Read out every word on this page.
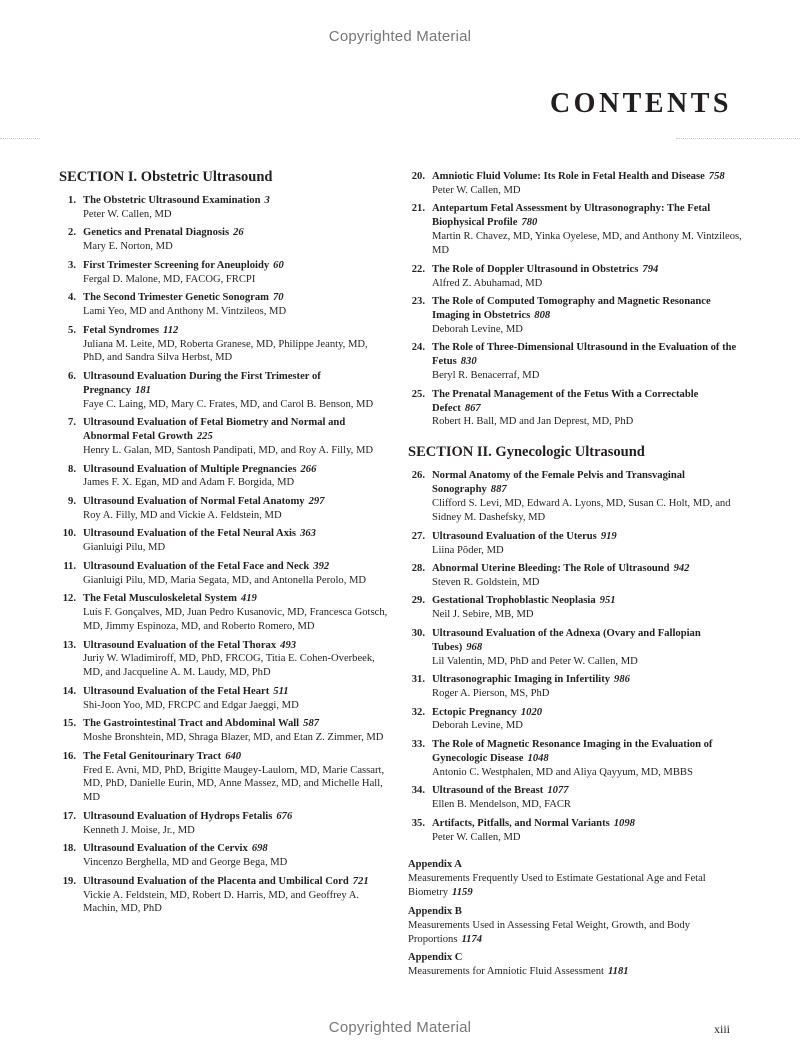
Copyrighted Material
CONTENTS
SECTION I. Obstetric Ultrasound
1. The Obstetric Ultrasound Examination 3
Peter W. Callen, MD
2. Genetics and Prenatal Diagnosis 26
Mary E. Norton, MD
3. First Trimester Screening for Aneuploidy 60
Fergal D. Malone, MD, FACOG, FRCPI
4. The Second Trimester Genetic Sonogram 70
Lami Yeo, MD and Anthony M. Vintzileos, MD
5. Fetal Syndromes 112
Juliana M. Leite, MD, Roberta Granese, MD, Philippe Jeanty, MD, PhD, and Sandra Silva Herbst, MD
6. Ultrasound Evaluation During the First Trimester of Pregnancy 181
Faye C. Laing, MD, Mary C. Frates, MD, and Carol B. Benson, MD
7. Ultrasound Evaluation of Fetal Biometry and Normal and Abnormal Fetal Growth 225
Henry L. Galan, MD, Santosh Pandipati, MD, and Roy A. Filly, MD
8. Ultrasound Evaluation of Multiple Pregnancies 266
James F. X. Egan, MD and Adam F. Borgida, MD
9. Ultrasound Evaluation of Normal Fetal Anatomy 297
Roy A. Filly, MD and Vickie A. Feldstein, MD
10. Ultrasound Evaluation of the Fetal Neural Axis 363
Gianluigi Pilu, MD
11. Ultrasound Evaluation of the Fetal Face and Neck 392
Gianluigi Pilu, MD, Maria Segata, MD, and Antonella Perolo, MD
12. The Fetal Musculoskeletal System 419
Luís F. Gonçalves, MD, Juan Pedro Kusanovic, MD, Francesca Gotsch, MD, Jimmy Espinoza, MD, and Roberto Romero, MD
13. Ultrasound Evaluation of the Fetal Thorax 493
Juriy W. Wladimiroff, MD, PhD, FRCOG, Titia E. Cohen-Overbeek, MD, and Jacqueline A. M. Laudy, MD, PhD
14. Ultrasound Evaluation of the Fetal Heart 511
Shi-Joon Yoo, MD, FRCPC and Edgar Jaeggi, MD
15. The Gastrointestinal Tract and Abdominal Wall 587
Moshe Bronshtein, MD, Shraga Blazer, MD, and Etan Z. Zimmer, MD
16. The Fetal Genitourinary Tract 640
Fred E. Avni, MD, PhD, Brigitte Maugey-Laulom, MD, Marie Cassart, MD, PhD, Danielle Eurin, MD, Anne Massez, MD, and Michelle Hall, MD
17. Ultrasound Evaluation of Hydrops Fetalis 676
Kenneth J. Moise, Jr., MD
18. Ultrasound Evaluation of the Cervix 698
Vincenzo Berghella, MD and George Bega, MD
19. Ultrasound Evaluation of the Placenta and Umbilical Cord 721
Vickie A. Feldstein, MD, Robert D. Harris, MD, and Geoffrey A. Machin, MD, PhD
20. Amniotic Fluid Volume: Its Role in Fetal Health and Disease 758
Peter W. Callen, MD
21. Antepartum Fetal Assessment by Ultrasonography: The Fetal Biophysical Profile 780
Martin R. Chavez, MD, Yinka Oyelese, MD, and Anthony M. Vintzileos, MD
22. The Role of Doppler Ultrasound in Obstetrics 794
Alfred Z. Abuhamad, MD
23. The Role of Computed Tomography and Magnetic Resonance Imaging in Obstetrics 808
Deborah Levine, MD
24. The Role of Three-Dimensional Ultrasound in the Evaluation of the Fetus 830
Beryl R. Benacerraf, MD
25. The Prenatal Management of the Fetus With a Correctable Defect 867
Robert H. Ball, MD and Jan Deprest, MD, PhD
SECTION II. Gynecologic Ultrasound
26. Normal Anatomy of the Female Pelvis and Transvaginal Sonography 887
Clifford S. Levi, MD, Edward A. Lyons, MD, Susan C. Holt, MD, and Sidney M. Dashefsky, MD
27. Ultrasound Evaluation of the Uterus 919
Liina Põder, MD
28. Abnormal Uterine Bleeding: The Role of Ultrasound 942
Steven R. Goldstein, MD
29. Gestational Trophoblastic Neoplasia 951
Neil J. Sebire, MB, MD
30. Ultrasound Evaluation of the Adnexa (Ovary and Fallopian Tubes) 968
Lil Valentin, MD, PhD and Peter W. Callen, MD
31. Ultrasonographic Imaging in Infertility 986
Roger A. Pierson, MS, PhD
32. Ectopic Pregnancy 1020
Deborah Levine, MD
33. The Role of Magnetic Resonance Imaging in the Evaluation of Gynecologic Disease 1048
Antonio C. Westphalen, MD and Aliya Qayyum, MD, MBBS
34. Ultrasound of the Breast 1077
Ellen B. Mendelson, MD, FACR
35. Artifacts, Pitfalls, and Normal Variants 1098
Peter W. Callen, MD
Appendix A
Measurements Frequently Used to Estimate Gestational Age and Fetal Biometry 1159
Appendix B
Measurements Used in Assessing Fetal Weight, Growth, and Body Proportions 1174
Appendix C
Measurements for Amniotic Fluid Assessment 1181
Copyrighted Material	xiii
